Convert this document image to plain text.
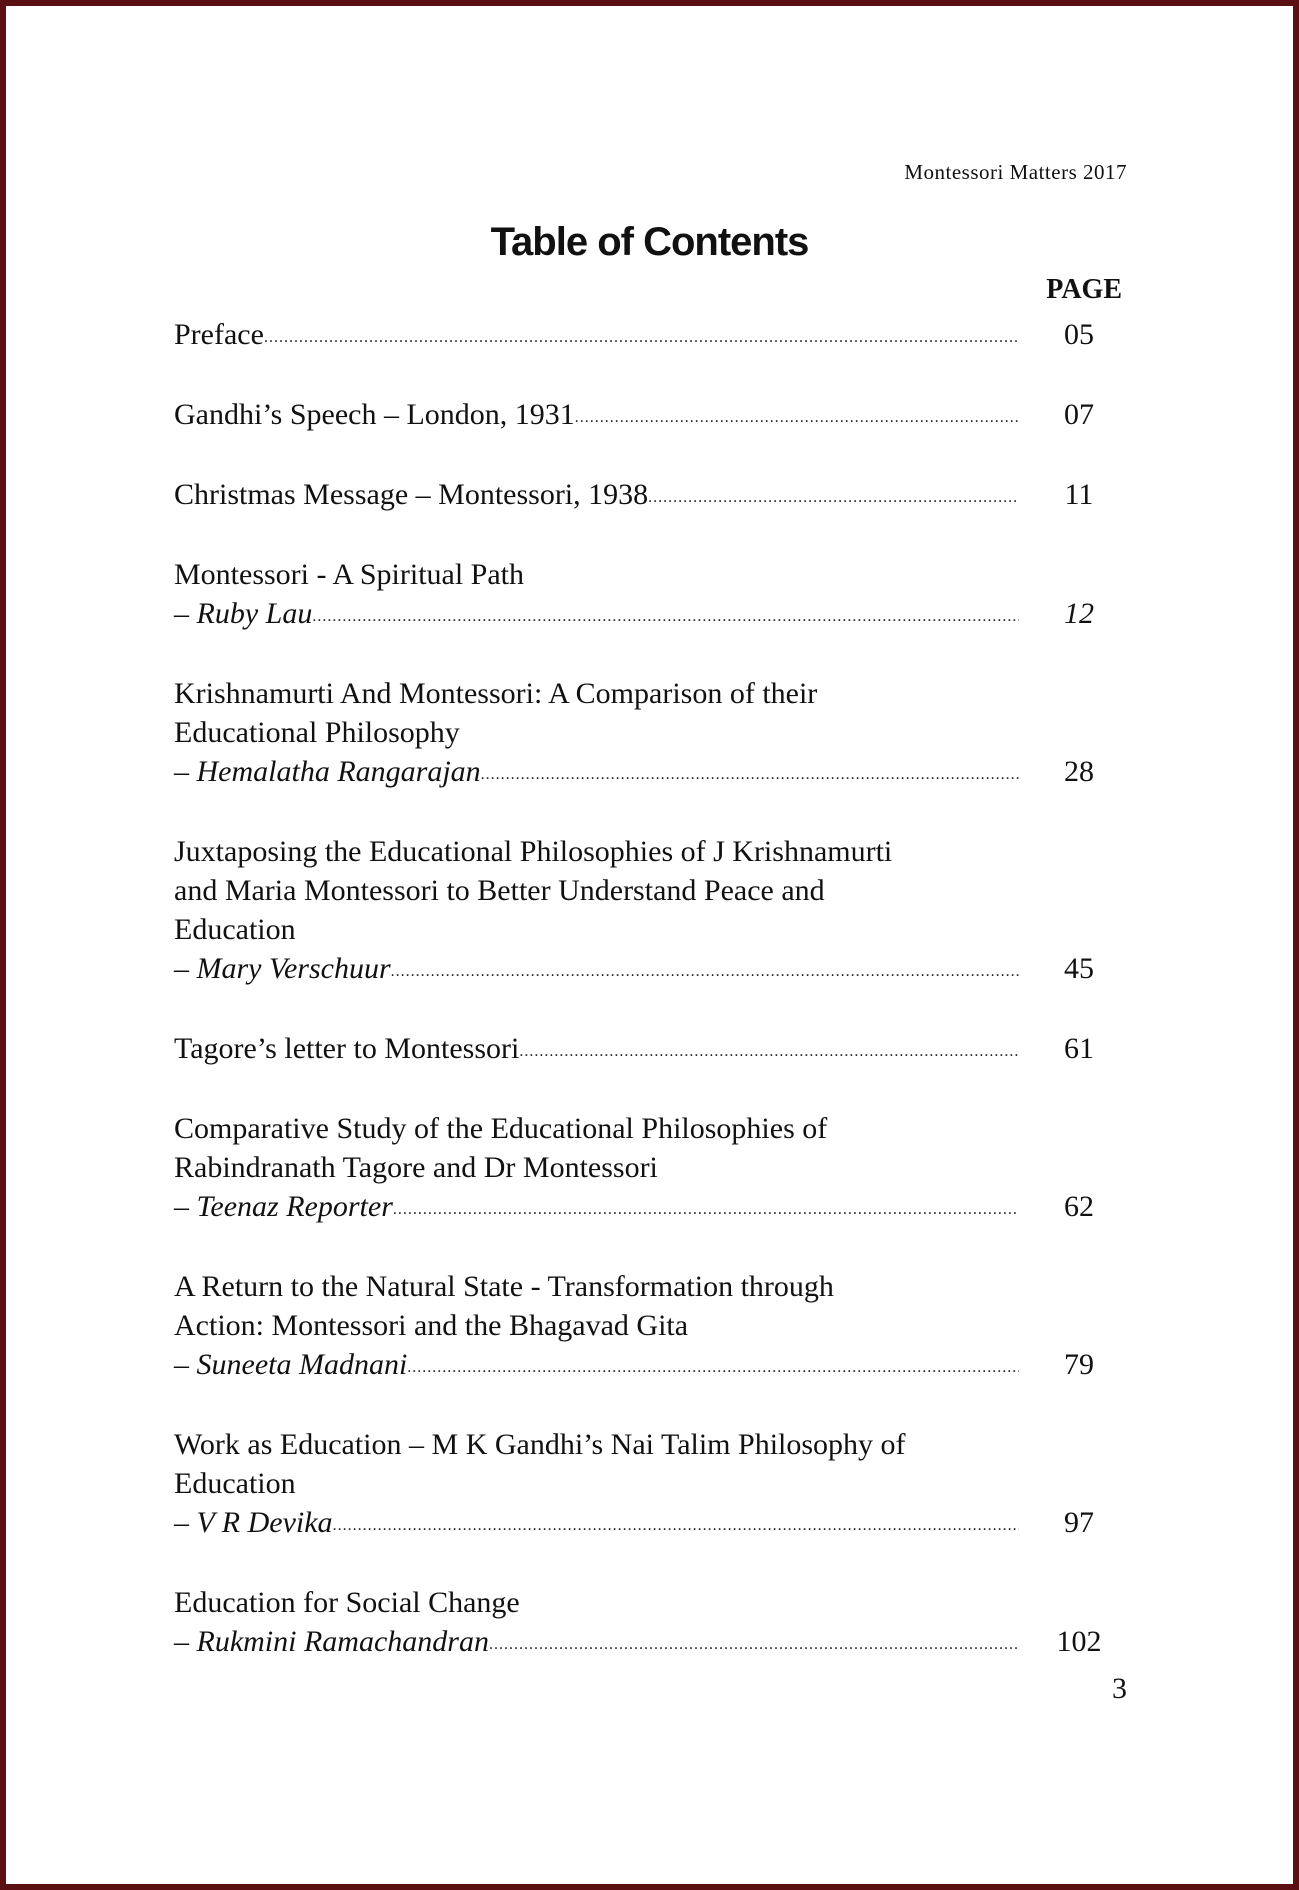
Montessori Matters 2017
Table of Contents
PAGE
Preface .....	05
Gandhi’s Speech – London, 1931 .....	07
Christmas Message – Montessori, 1938 .....	11
Montessori - A Spiritual Path
– Ruby Lau .....	12
Krishnamurti And Montessori: A Comparison of their
Educational Philosophy
– Hemalatha Rangarajan .....	28
Juxtaposing the Educational Philosophies of J Krishnamurti
and Maria Montessori to Better Understand Peace and
Education
– Mary Verschuur .....	45
Tagore’s letter to Montessori .....	61
Comparative Study of the Educational Philosophies of
Rabindranath Tagore and Dr Montessori
– Teenaz Reporter .....	62
A Return to the Natural State - Transformation through
Action: Montessori and the Bhagavad Gita
– Suneeta Madnani .....	79
Work as Education – M K Gandhi’s Nai Talim Philosophy of
Education
– V R Devika .....	97
Education for Social Change
– Rukmini Ramachandran .....	102
3
